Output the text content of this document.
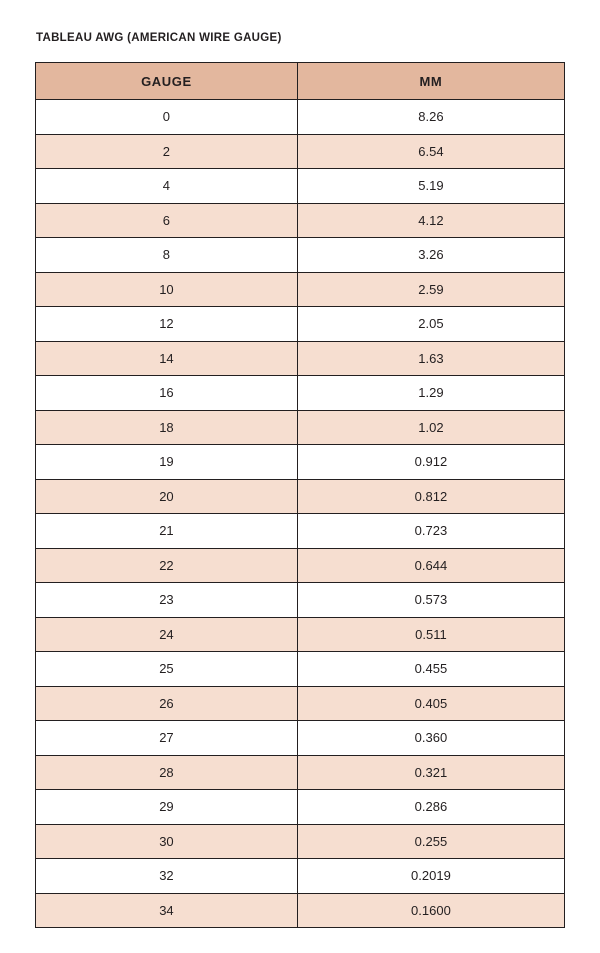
TABLEAU AWG (AMERICAN WIRE GAUGE)
GAUGE	MM
0	8.26
2	6.54
4	5.19
6	4.12
8	3.26
10	2.59
12	2.05
14	1.63
16	1.29
18	1.02
19	0.912
20	0.812
21	0.723
22	0.644
23	0.573
24	0.511
25	0.455
26	0.405
27	0.360
28	0.321
29	0.286
30	0.255
32	0.2019
34	0.1600
